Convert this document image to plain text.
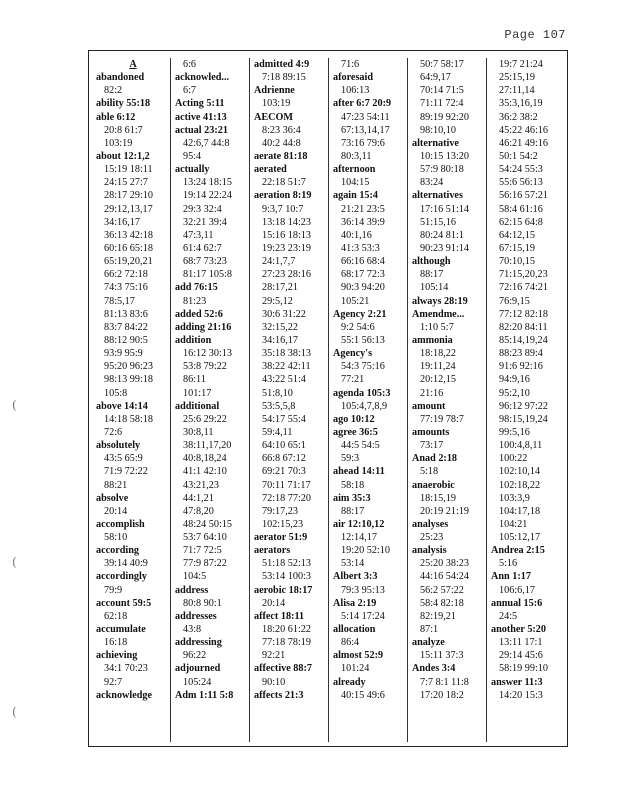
Page 107
(
(
(
A
abandoned
82:2
ability 55:18
able 6:12
20:8 61:7
103:19
about 12:1,2
15:19 18:11
24:15 27:7
28:17 29:10
29:12,13,17
34:16,17
36:13 42:18
60:16 65:18
65:19,20,21
66:2 72:18
74:3 75:16
78:5,17
81:13 83:6
83:7 84:22
88:12 90:5
93:9 95:9
95:20 96:23
98:13 99:18
105:8
above 14:14
14:18 58:18
72:6
absolutely
43:5 65:9
71:9 72:22
88:21
absolve
20:14
accomplish
58:10
according
39:14 40:9
accordingly
79:9
account 59:5
62:18
accumulate
16:18
achieving
34:1 70:23
92:7
acknowledge
6:6
acknowled...
6:7
Acting 5:11
active 41:13
actual 23:21
42:6,7 44:8
95:4
actually
13:24 18:15
19:14 22:24
29:3 32:4
32:21 39:4
47:3,11
61:4 62:7
68:7 73:23
81:17 105:8
add 76:15
81:23
added 52:6
adding 21:16
addition
16:12 30:13
53:8 79:22
86:11
101:17
additional
25:6 29:22
30:8,11
38:11,17,20
40:8,18,24
41:1 42:10
43:21,23
44:1,21
47:8,20
48:24 50:15
53:7 64:10
71:7 72:5
77:9 87:22
104:5
address
80:8 90:1
addresses
43:8
addressing
96:22
adjourned
105:24
Adm 1:11 5:8
admitted 4:9
7:18 89:15
Adrienne
103:19
AECOM
8:23 36:4
40:2 44:8
aerate 81:18
aerated
22:18 51:7
aeration 8:19
9:3,7 10:7
13:18 14:23
15:16 18:13
19:23 23:19
24:1,7,7
27:23 28:16
28:17,21
29:5,12
30:6 31:22
32:15,22
34:16,17
35:18 38:13
38:22 42:11
43:22 51:4
51:8,10
53:5,5,8
54:17 55:4
59:4,11
64:10 65:1
66:8 67:12
69:21 70:3
70:11 71:17
72:18 77:20
79:17,23
102:15,23
aerator 51:9
aerators
51:18 52:13
53:14 100:3
aerobic 18:17
20:14
affect 18:11
18:20 61:22
77:18 78:19
92:21
affective 88:7
90:10
affects 21:3
71:6
aforesaid
106:13
after 6:7 20:9
47:23 54:11
67:13,14,17
73:16 79:6
80:3,11
afternoon
104:15
again 15:4
21:21 23:5
36:14 39:9
40:1,16
41:3 53:3
66:16 68:4
68:17 72:3
90:3 94:20
105:21
Agency 2:21
9:2 54:6
55:1 56:13
Agency's
54:3 75:16
77:21
agenda 105:3
105:4,7,8,9
ago 10:12
agree 36:5
44:5 54:5
59:3
ahead 14:11
58:18
aim 35:3
88:17
air 12:10,12
12:14,17
19:20 52:10
53:14
Albert 3:3
79:3 95:13
Alisa 2:19
5:14 17:24
allocation
86:4
almost 52:9
101:24
already
40:15 49:6
50:7 58:17
64:9,17
70:14 71:5
71:11 72:4
89:19 92:20
98:10,10
alternative
10:15 13:20
57:9 80:18
83:24
alternatives
17:16 51:14
51:15,16
80:24 81:1
90:23 91:14
although
88:17
105:14
always 28:19
Amendme...
1:10 5:7
ammonia
18:18,22
19:11,24
20:12,15
21:16
amount
77:19 78:7
amounts
73:17
Anad 2:18
5:18
anaerobic
18:15,19
20:19 21:19
analyses
25:23
analysis
25:20 38:23
44:16 54:24
56:2 57:22
58:4 82:18
82:19,21
87:1
analyze
15:11 37:3
Andes 3:4
7:7 8:1 11:8
17:20 18:2
19:7 21:24
25:15,19
27:11,14
35:3,16,19
36:2 38:2
45:22 46:16
46:21 49:16
50:1 54:2
54:24 55:3
55:6 56:13
56:16 57:21
58:4 61:16
62:15 64:8
64:12,15
67:15,19
70:10,15
71:15,20,23
72:16 74:21
76:9,15
77:12 82:18
82:20 84:11
85:14,19,24
88:23 89:4
91:6 92:16
94:9,16
95:2,10
96:12 97:22
98:15,19,24
99:5,16
100:4,8,11
100:22
102:10,14
102:18,22
103:3,9
104:17,18
104:21
105:12,17
Andrea 2:15
5:16
Ann 1:17
106:6,17
annual 15:6
24:5
another 5:20
13:11 17:1
29:14 45:6
58:19 99:10
answer 11:3
14:20 15:3
